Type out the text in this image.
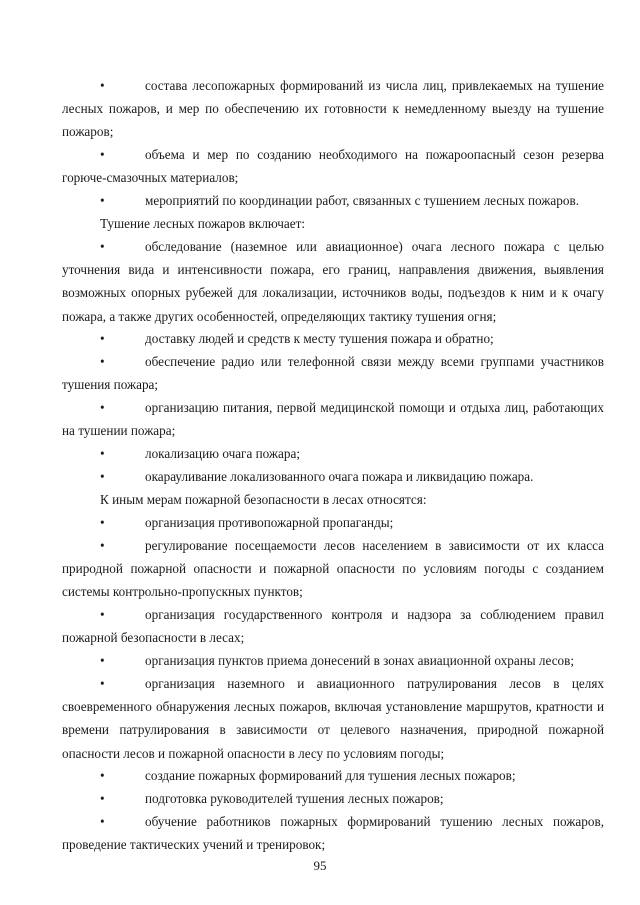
•	состава лесопожарных формирований из числа лиц, привлекаемых на тушение лесных пожаров, и мер по обеспечению их готовности к немедленному выезду на тушение пожаров;

•	объема и мер по созданию необходимого на пожароопасный сезон резерва горюче-смазочных материалов;

•	мероприятий по координации работ, связанных с тушением лесных пожаров.

Тушение лесных пожаров включает:

•	обследование (наземное или авиационное) очага лесного пожара с целью уточнения вида и интенсивности пожара, его границ, направления движения, выявления возможных опорных рубежей для локализации, источников воды, подъездов к ним и к очагу пожара, а также других особенностей, определяющих тактику тушения огня;

•	доставку людей и средств к месту тушения пожара и обратно;

•	обеспечение радио или телефонной связи между всеми группами участников тушения пожара;

•	организацию питания, первой медицинской помощи и отдыха лиц, работающих на тушении пожара;

•	локализацию очага пожара;

•	окарауливание локализованного очага пожара и ликвидацию пожара.

К иным мерам пожарной безопасности в лесах относятся:

•	организация противопожарной пропаганды;

•	регулирование посещаемости лесов населением в зависимости от их класса природной пожарной опасности и пожарной опасности по условиям погоды с созданием системы контрольно-пропускных пунктов;

•	организация государственного контроля и надзора за соблюдением правил пожарной безопасности в лесах;

•	организация пунктов приема донесений в зонах авиационной охраны лесов;

•	организация наземного и авиационного патрулирования лесов в целях своевременного обнаружения лесных пожаров, включая установление маршрутов, кратности и времени патрулирования в зависимости от целевого назначения, природной пожарной опасности лесов и пожарной опасности в лесу по условиям погоды;

•	создание пожарных формирований для тушения лесных пожаров;

•	подготовка руководителей тушения лесных пожаров;

•	обучение работников пожарных формирований тушению лесных пожаров, проведение тактических учений и тренировок;

95
